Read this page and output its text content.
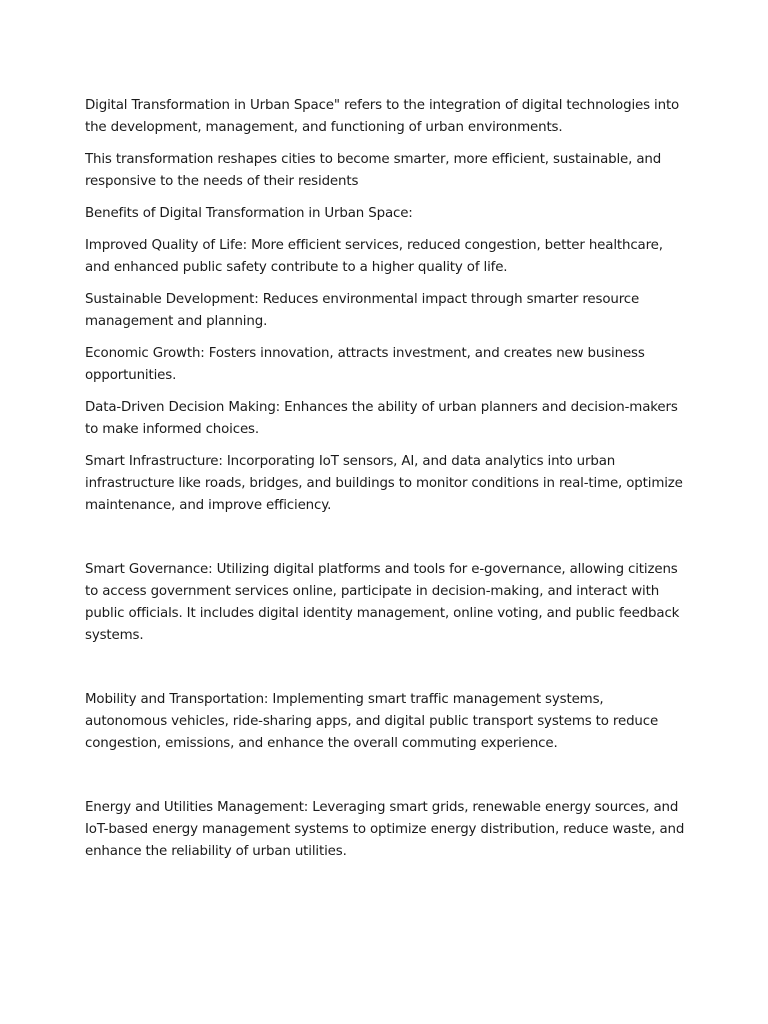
Digital Transformation in Urban Space" refers to the integration of digital technologies into the development, management, and functioning of urban environments.

This transformation reshapes cities to become smarter, more efficient, sustainable, and responsive to the needs of their residents

Benefits of Digital Transformation in Urban Space:

Improved Quality of Life: More efficient services, reduced congestion, better healthcare, and enhanced public safety contribute to a higher quality of life.

Sustainable Development: Reduces environmental impact through smarter resource management and planning.

Economic Growth: Fosters innovation, attracts investment, and creates new business opportunities.

Data-Driven Decision Making: Enhances the ability of urban planners and decision-makers to make informed choices.

Smart Infrastructure: Incorporating IoT sensors, AI, and data analytics into urban infrastructure like roads, bridges, and buildings to monitor conditions in real-time, optimize maintenance, and improve efficiency.

Smart Governance: Utilizing digital platforms and tools for e-governance, allowing citizens to access government services online, participate in decision-making, and interact with public officials. It includes digital identity management, online voting, and public feedback systems.

Mobility and Transportation: Implementing smart traffic management systems, autonomous vehicles, ride-sharing apps, and digital public transport systems to reduce congestion, emissions, and enhance the overall commuting experience.

Energy and Utilities Management: Leveraging smart grids, renewable energy sources, and IoT-based energy management systems to optimize energy distribution, reduce waste, and enhance the reliability of urban utilities.
